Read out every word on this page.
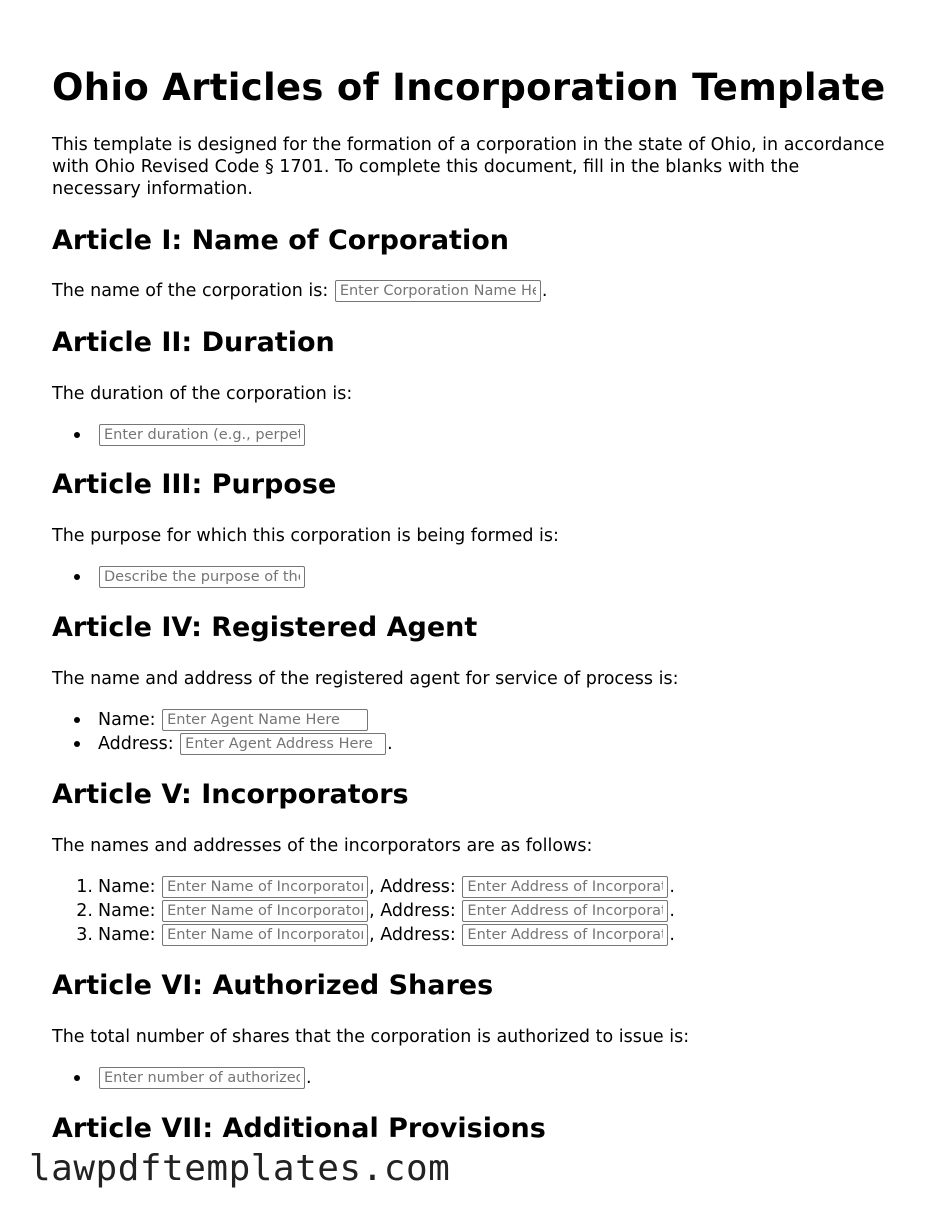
Ohio Articles of Incorporation Template

This template is designed for the formation of a corporation in the state of Ohio, in accordance with Ohio Revised Code § 1701. To complete this document, fill in the blanks with the necessary information.

Article I: Name of Corporation
The name of the corporation is:

Enter Corporation Name Here	.
Article II: Duration

The duration of the corporation is:

Enter duration (e.g., perpetual)
Article III: Purpose

The purpose for which this corporation is being formed is:

Describe the purpose of the corporation
Article IV: Registered Agent

The name and address of the registered agent for service of process is:

Name:

Enter Agent Name Here
Address:

Enter Agent Address Here	.
Article V: Incorporators

The names and addresses of the incorporators are as follows:

1. Name:

Enter Name of Incorporator	, Address:

Enter Address of Incorporator	.
2. Name:

Enter Name of Incorporator	, Address:

Enter Address of Incorporator	.
3. Name:

Enter Name of Incorporator	, Address:

Enter Address of Incorporator	.
Article VI: Authorized Shares

The total number of shares that the corporation is authorized to issue is:

Enter number of authorized shares
.
Article VII: Additional Provisions
lawpdftemplates.com
